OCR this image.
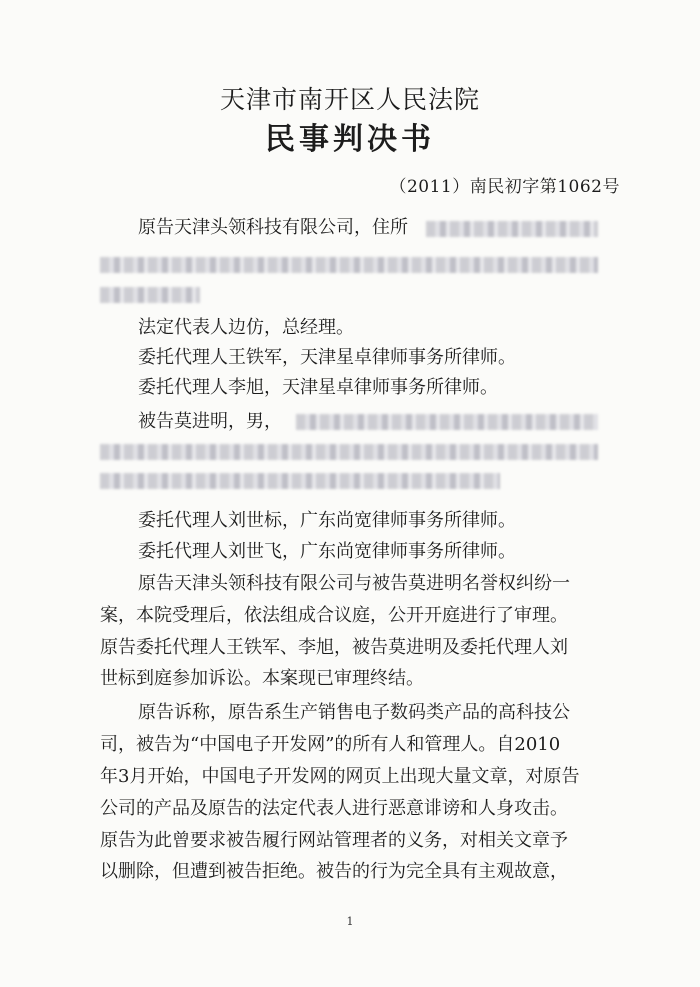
天津市南开区人民法院
民事判决书
（2011）南民初字第1062号
原告天津头领科技有限公司，住所
法定代表人边仿，总经理。
委托代理人王铁军，天津星卓律师事务所律师。
委托代理人李旭，天津星卓律师事务所律师。
被告莫进明，男，
委托代理人刘世标，广东尚宽律师事务所律师。
委托代理人刘世飞，广东尚宽律师事务所律师。
原告天津头领科技有限公司与被告莫进明名誉权纠纷一
案，本院受理后，依法组成合议庭，公开开庭进行了审理。
原告委托代理人王铁军、李旭，被告莫进明及委托代理人刘
世标到庭参加诉讼。本案现已审理终结。
原告诉称，原告系生产销售电子数码类产品的高科技公
司，被告为“中国电子开发网”的所有人和管理人。自2010
年3月开始，中国电子开发网的网页上出现大量文章，对原告
公司的产品及原告的法定代表人进行恶意诽谤和人身攻击。
原告为此曾要求被告履行网站管理者的义务，对相关文章予
以删除，但遭到被告拒绝。被告的行为完全具有主观故意，
1
